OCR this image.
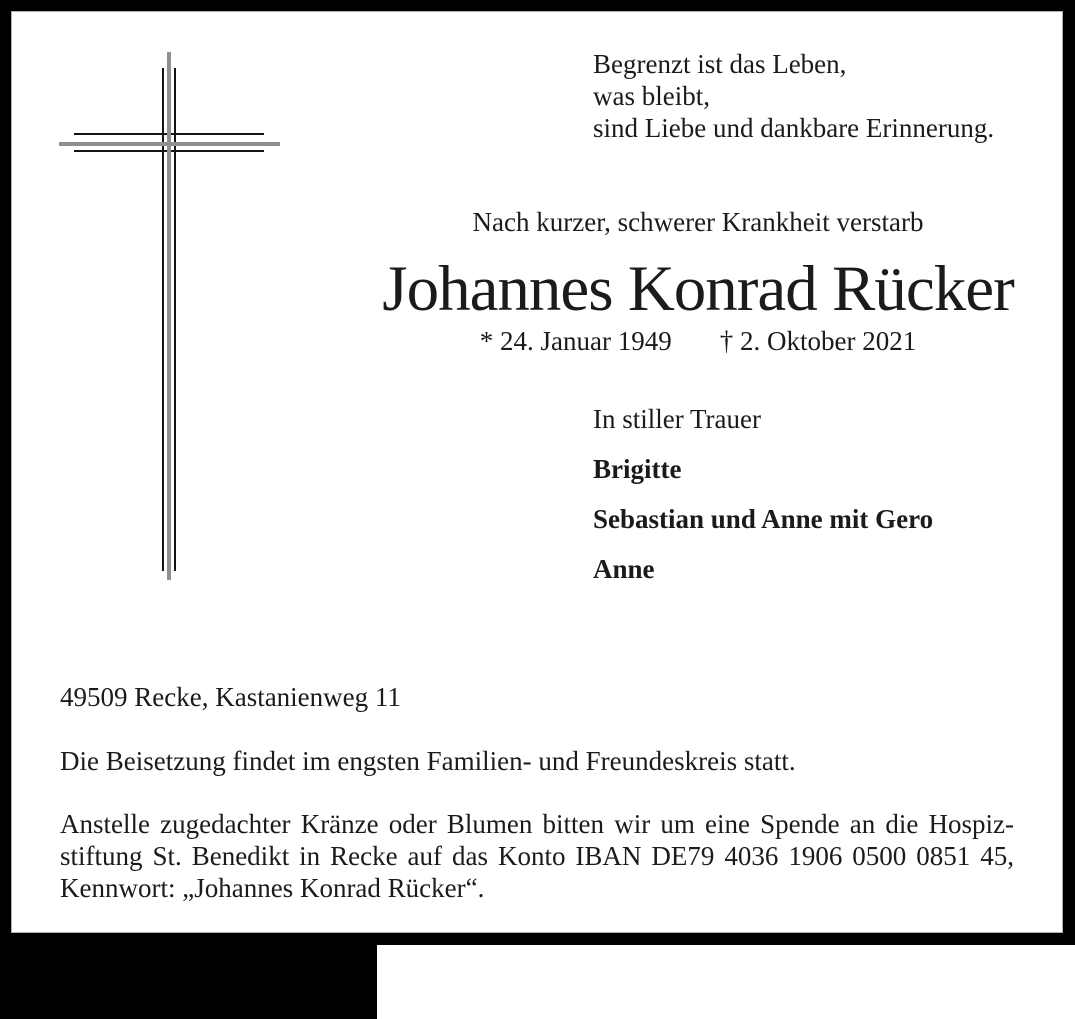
Begrenzt ist das Leben,
was bleibt,
sind Liebe und dankbare Erinnerung.
Nach kurzer, schwerer Krankheit verstarb
Johannes Konrad Rücker
* 24. Januar 1949 † 2. Oktober 2021
In stiller Trauer
Brigitte
Sebastian und Anne mit Gero
Anne
49509 Recke, Kastanienweg 11
Die Beisetzung findet im engsten Familien- und Freundeskreis statt.
Anstelle zugedachter Kränze oder Blumen bitten wir um eine Spende an die Hospiz-
stiftung St. Benedikt in Recke auf das Konto IBAN DE79 4036 1906 0500 0851 45,
Kennwort: „Johannes Konrad Rücker“.
